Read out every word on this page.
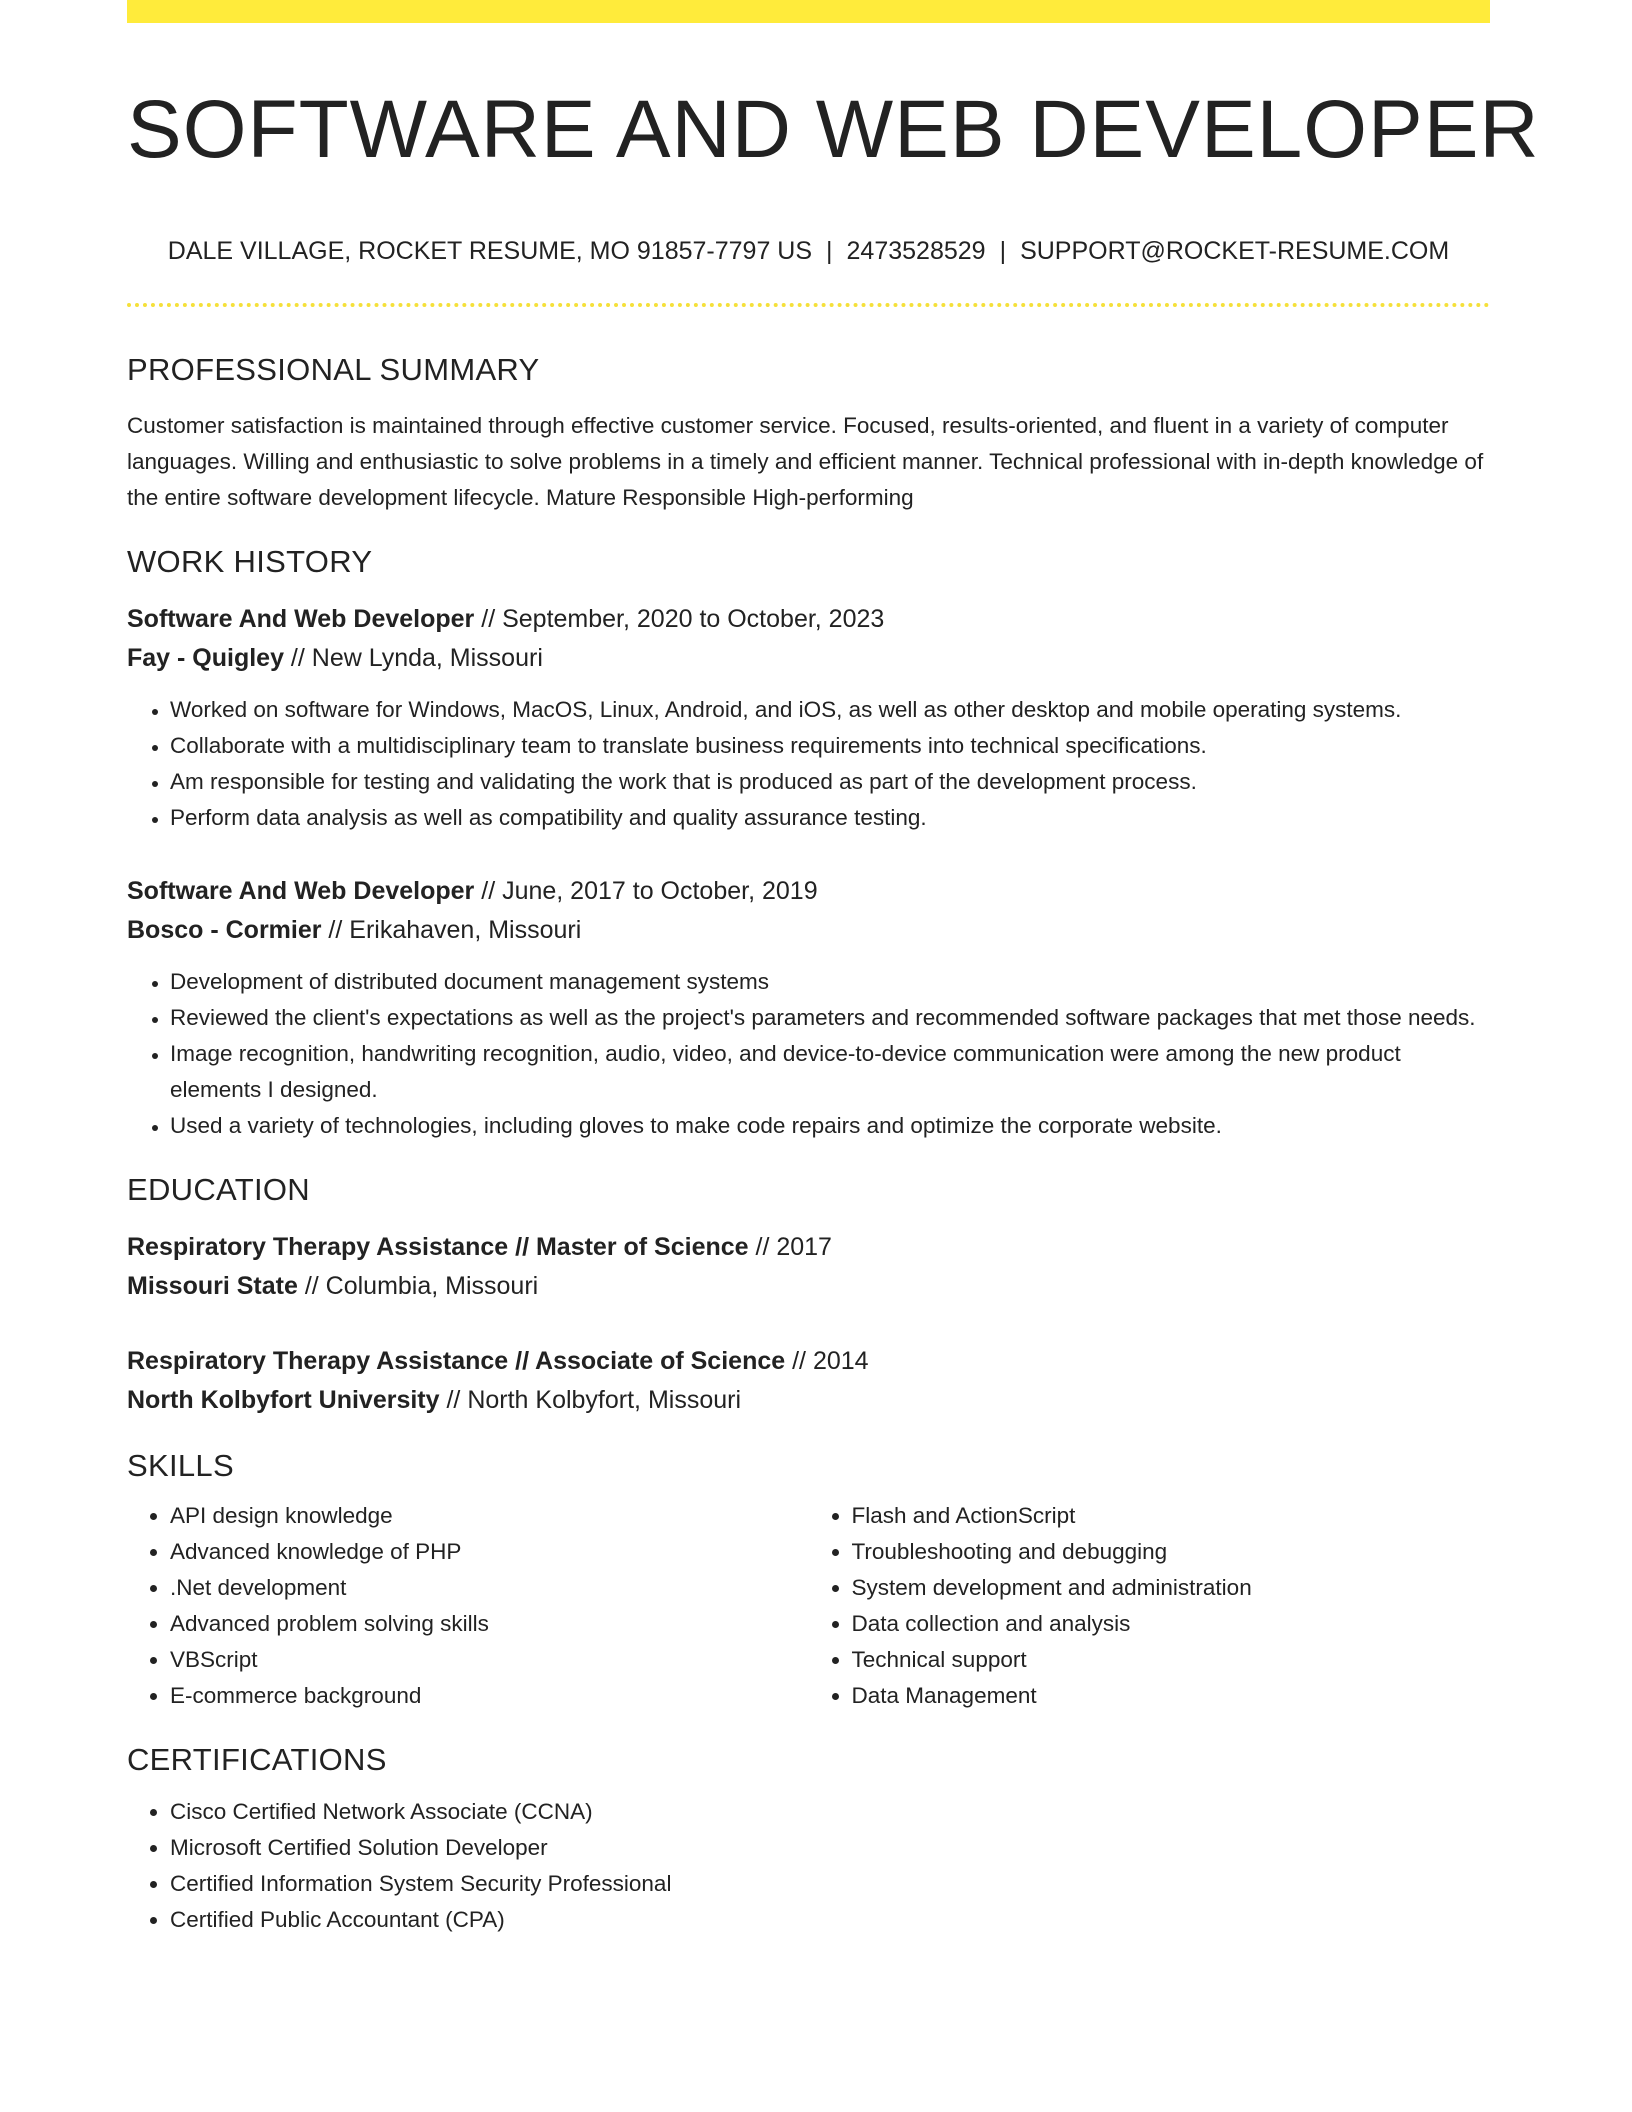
SOFTWARE AND WEB DEVELOPER
DALE VILLAGE, ROCKET RESUME, MO 91857-7797 US | 2473528529 | SUPPORT@ROCKET-RESUME.COM
PROFESSIONAL SUMMARY

Customer satisfaction is maintained through effective customer service. Focused, results-oriented, and fluent in a variety of computer languages. Willing and enthusiastic to solve problems in a timely and efficient manner. Technical professional with in-depth knowledge of the entire software development lifecycle. Mature Responsible High-performing

WORK HISTORY
Software And Web Developer // September, 2020 to October, 2023
Fay - Quigley // New Lynda, Missouri
• Worked on software for Windows, MacOS, Linux, Android, and iOS, as well as other desktop and mobile operating systems.
• Collaborate with a multidisciplinary team to translate business requirements into technical specifications.
• Am responsible for testing and validating the work that is produced as part of the development process.
• Perform data analysis as well as compatibility and quality assurance testing.
Software And Web Developer // June, 2017 to October, 2019
Bosco - Cormier // Erikahaven, Missouri
• Development of distributed document management systems
• Reviewed the client's expectations as well as the project's parameters and recommended software packages that met those needs.
• Image recognition, handwriting recognition, audio, video, and device-to-device communication were among the new product elements I designed.
• Used a variety of technologies, including gloves to make code repairs and optimize the corporate website.
EDUCATION
Respiratory Therapy Assistance // Master of Science // 2017
Missouri State // Columbia, Missouri
Respiratory Therapy Assistance // Associate of Science // 2014
North Kolbyfort University // North Kolbyfort, Missouri
SKILLS
• API design knowledge
• Advanced knowledge of PHP
• .Net development
• Advanced problem solving skills
• VBScript
• E-commerce background
• Flash and ActionScript
• Troubleshooting and debugging
• System development and administration
• Data collection and analysis
• Technical support
• Data Management
CERTIFICATIONS
• Cisco Certified Network Associate (CCNA)
• Microsoft Certified Solution Developer
• Certified Information System Security Professional
• Certified Public Accountant (CPA)
